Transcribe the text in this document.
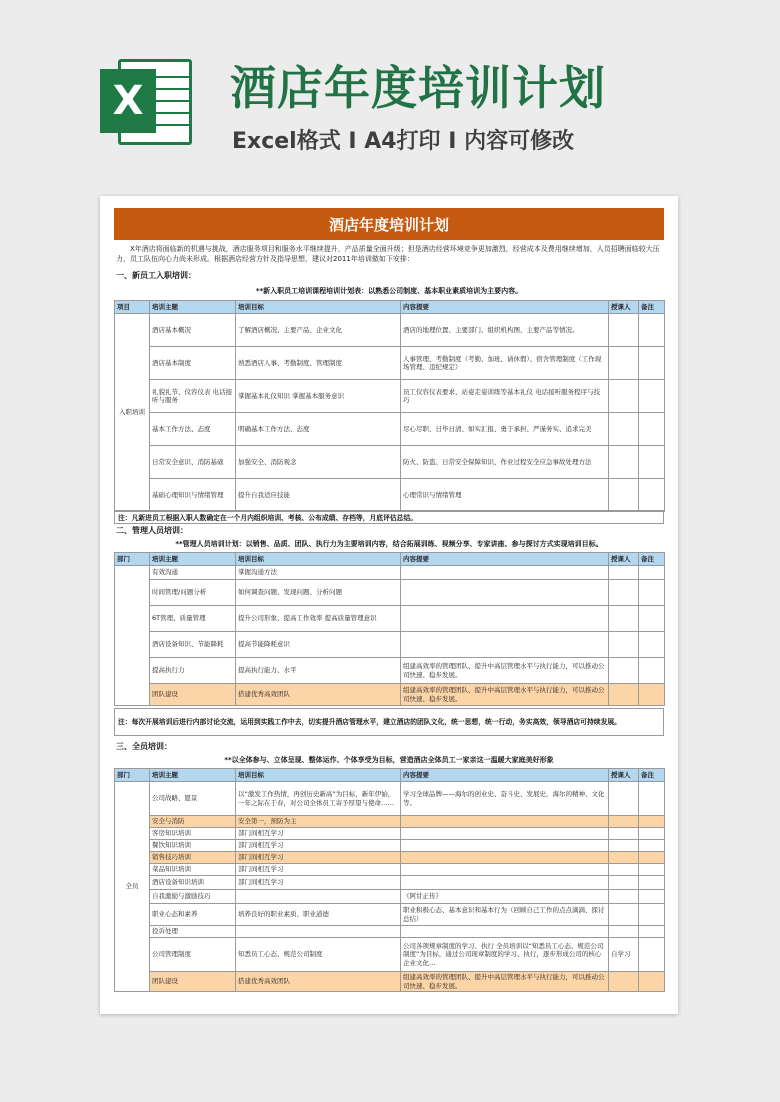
X 酒店年度培训计划
Excel格式 I A4打印 I 内容可修改
酒店年度培训计划
X年酒店将面临新的机遇与挑战，酒店服务项目和服务水平继续提升，产品质量全面升级；但是酒店经营环境竞争更加激烈，经营成本及费用继续增加，人员招聘面临较大压力，员工队伍向心力尚未形成。根据酒店经营方针及指导思想，建议对2011年培训做如下安排：
一、新员工入职培训：
**新入职员工培训课程培训计划表：以熟悉公司制度、基本职业素质培训为主要内容。
项目	培训主题	培训目标	内容提要	授课人	备注
入职培训	酒店基本概况	了解酒店概况、主要产品、企业文化	酒店的地理位置、主要部门、组织机构图、主要产品等情况。		
	酒店基本制度	熟悉酒店人事、考勤制度、管理制度	人事管理、考勤制度（考勤、加班、请休假）、宿舍管理制度（工作现场管理、违纪规定）		
	礼貌礼节、仪容仪表 电话接听与服务	掌握基本礼仪知识 掌握基本服务意识	员工仪容仪表要求、站姿走姿训练等基本礼仪 电话接听服务程序与技巧		
	基本工作方法、态度	明确基本工作方法、态度	尽心尽职、日毕日清、如实汇报、勇于承担、严谨务实、追求完美		
	日常安全意识、消防基础	加强安全、消防观念	防火、防盗、日常安全保障知识、作业过程安全应急事故处理方法		
	基础心理知识与情绪管理	提升自我适应技能	心理常识与情绪管理		
注：凡新进员工根据入职人数确定在一个月内组织培训、考核、公布成绩、存档等，月底评估总结。
二、管理人员培训：
**管理人员培训计划：以销售、品质、团队、执行力为主要培训内容，结合拓展训练、视频分享、专家讲座、参与探讨方式实现培训目标。
部门	培训主题	培训目标	内容提要	授课人	备注
	有效沟通	掌握沟通方法			
	时间管理/问题分析	如何调查问题、发现问题、分析问题			
	6T管理、质量管理	提升公司形象、提高工作效率 提高质量管理意识			
	酒店设备知识、节能降耗	提高节能降耗意识			
	提高执行力	提高执行能力、水平	组建高效率的管理团队、提升中高层管理水平与执行能力，可以推动公司快速、稳步发展。		
	团队建设	搭建优秀高效团队	组建高效率的管理团队、提升中高层管理水平与执行能力，可以推动公司快速、稳步发展。		
注：每次开展培训后进行内部讨论交流，运用到实践工作中去，切实提升酒店管理水平，建立酒店的团队文化，统一思想，统一行动，务实高效，领导酒店可持续发展。
三、全员培训：
**以全体参与、立体呈现、整体运作、个体享受为目标，营造酒店全体员工一家亲这一温暖大家庭美好形象
部门	培训主题	培训目标	内容提要	授课人	备注
全员	公司战略、愿景	以“激发工作热情，再创历史新高”为目标，新年伊始，一年之际在于春，对公司全体员工寄予厚望与使命……	学习全球品牌——海尔的创业史、奋斗史、发展史，海尔的精神、文化等。		
	安全与消防	安全第一，预防为主			
	客房知识培训	部门间相互学习			
	餐饮知识培训	部门间相互学习			
	销售技巧培训	部门间相互学习			
	菜品知识培训	部门间相互学习			
	酒店设备知识培训	部门间相互学习			
	自我激励与激励技巧		《阿甘正传》		
	职业心态和素养	培养良好的职业素质、职业道德	职业积极心态、基本意识和基本行为（回顾自己工作的点点滴滴、探讨总结）		
	投诉处理				
	公司管理制度	知悉员工心态、规范公司制度	公司各项规章制度的学习、执行 全员培训以“知悉员工心态、规范公司制度”为目标，通过公司现章制度的学习、执行，逐步形成公司的核心企业文化…	自学习	
	团队建设	搭建优秀高效团队	组建高效率的管理团队、提升中高层管理水平与执行能力，可以推动公司快速、稳步发展。		
